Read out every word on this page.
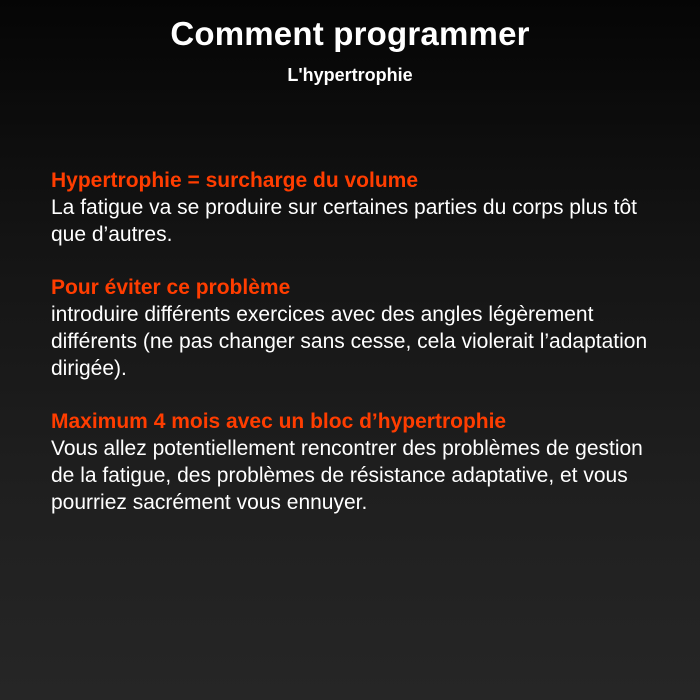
Comment programmer
L'hypertrophie
Hypertrophie = surcharge du volume
La fatigue va se produire sur certaines parties du corps plus tôt que d’autres.
Pour éviter ce problème
introduire différents exercices avec des angles légèrement différents (ne pas changer sans cesse, cela violerait l’adaptation dirigée).
Maximum 4 mois avec un bloc d’hypertrophie
Vous allez potentiellement rencontrer des problèmes de gestion de la fatigue, des problèmes de résistance adaptative, et vous pourriez sacrément vous ennuyer.
